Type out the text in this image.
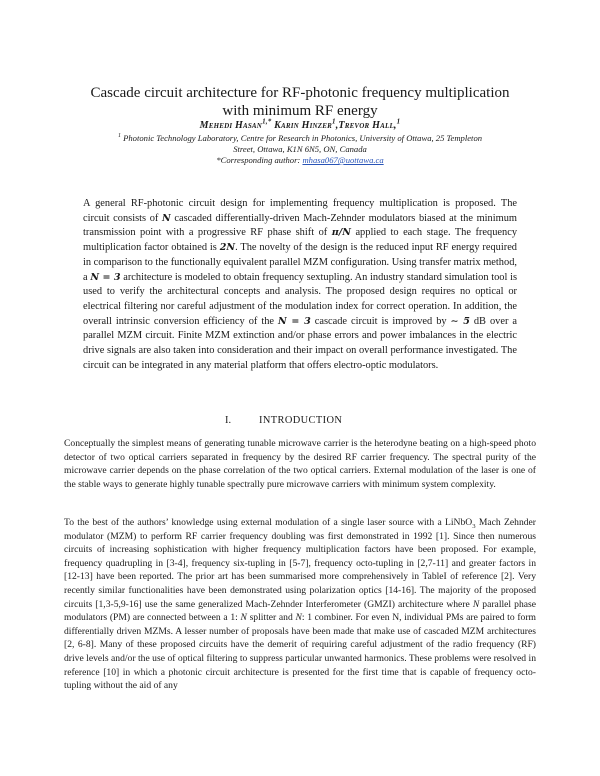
Cascade circuit architecture for RF-photonic frequency multiplication
with minimum RF energy
Mehedi Hasan$^{1,*}$ Karin Hinzer$^1$,Trevor Hall,$^1$
$^1$ Photonic Technology Laboratory, Centre for Research in Photonics, University of Ottawa, 25 Templeton
Street, Ottawa, K1N 6N5, ON, Canada
*Corresponding author: mhasa067@uottawa.ca
A general RF-photonic circuit design for implementing frequency multiplication is proposed. The circuit consists of N cascaded differentially-driven Mach-Zehnder modulators biased at the minimum transmission point with a progressive RF phase shift of π/N applied to each stage. The frequency multiplication factor obtained is 2N. The novelty of the design is the reduced input RF energy required in comparison to the functionally equivalent parallel MZM configuration. Using transfer matrix method, a N = 3 architecture is modeled to obtain frequency sextupling. An industry standard simulation tool is used to verify the architectural concepts and analysis. The proposed design requires no optical or electrical filtering nor careful adjustment of the modulation index for correct operation. In addition, the overall intrinsic conversion efficiency of the N = 3 cascade circuit is improved by ∼ 5 dB over a parallel MZM circuit. Finite MZM extinction and/or phase errors and power imbalances in the electric drive signals are also taken into consideration and their impact on overall performance investigated. The circuit can be integrated in any material platform that offers electro-optic modulators.
I.	INTRODUCTION
Conceptually the simplest means of generating tunable microwave carrier is the heterodyne beating on a high-speed photo detector of two optical carriers separated in frequency by the desired RF carrier frequency. The spectral purity of the microwave carrier depends on the phase correlation of the two optical carriers. External modulation of the laser is one of the stable ways to generate highly tunable spectrally pure microwave carriers with minimum system complexity.
To the best of the authors’ knowledge using external modulation of a single laser source with a LiNbO$_3$ Mach Zehnder modulator (MZM) to perform RF carrier frequency doubling was first demonstrated in 1992 [1]. Since then numerous circuits of increasing sophistication with higher frequency multiplication factors have been proposed. For example, frequency quadrupling in [3-4], frequency six-tupling in [5-7], frequency octo-tupling in [2,7-11] and greater factors in [12-13] have been reported. The prior art has been summarised more comprehensively in TableI of reference [2]. Very recently similar functionalities have been demonstrated using polarization optics [14-16]. The majority of the proposed circuits [1,3-5,9-16] use the same generalized Mach-Zehnder Interferometer (GMZI) architecture where N parallel phase modulators (PM) are connected between a 1: N splitter and N: 1 combiner. For even N, individual PMs are paired to form differentially driven MZMs. A lesser number of proposals have been made that make use of cascaded MZM architectures [2, 6-8]. Many of these proposed circuits have the demerit of requiring careful adjustment of the radio frequency (RF) drive levels and/or the use of optical filtering to suppress particular unwanted harmonics. These problems were resolved in reference [10] in which a photonic circuit architecture is presented for the first time that is capable of frequency octo-tupling without the aid of any
